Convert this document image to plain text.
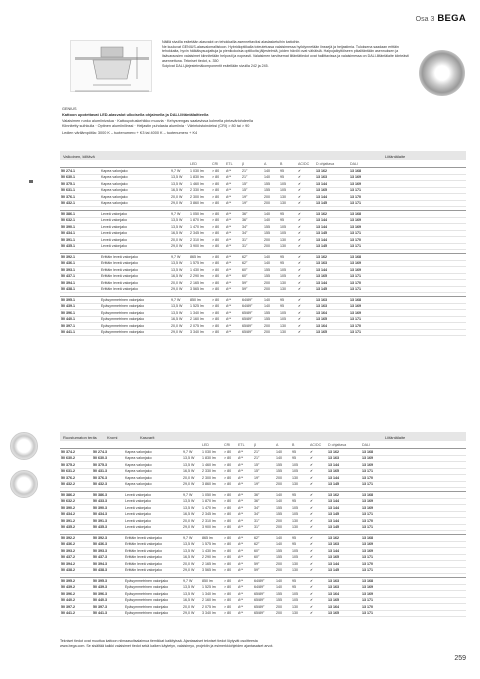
Osa 3 BEGA

Näillä sivuilla esitetään alasvalot on tehokkailla asennettaviksi alaslasketuihin kattoihin.

Ne kuuluvat GENIUS-alasvalomallistoon. Hybridioptiikalla toteutetussa valaisimessa hyödynnetään linssejä ja heijastimia. Tuloksena saadaan erittäin tehokkaita, hyvin häikäisysuojattuja ja pienikokoisia optiikoita jäljestelmiä, joiden häviöt ovat vähäisiä. Halpojaikyttöiseen pikalitäntään asennuksen ja lisävaraosien valaisimet kiinnitetään helposti ja nopeasti. Valaisimen tarvitsemat liitäntätiedot ovat hallittavissa ja valaisimessa on DALI-liitäntälaite kiinteästi asennettuna. Tekniset tiedot, s. 350

Soipivat DALI-järjestelmäkomponentit esitellään sivuilla 242 ja 245.

GENIUS
Kattoon upotettavat LED-alasvalot ulkoisella ohjaimella ja DALI-liitäntälaitteella
Valaisimen runko alumiinivalua · Kattoupotuskehikko muovia · Kehysrengas saatavissa kolmella pintaväriohdeella
Kiinnitetty suihkulla · Optinen alumiinilinssi · Heijastin puhdasta alumiinia · Värintoistoindeksi (CRI) > 80 tai > 90
Ledien värilämpötila: 3000 K – tuotenumero + K3 tai 4000 K – tuotenumero + K4
Valkoinen, kiiltävä	Liitäntälaite
			LED	CRI	ETL	β	A	B	AC/DC	D ohjattava	DALI
50 274.1	Kapea valonjako	9,7 W	1 030 lm	> 80	A**	21°	140	95	✔	13 162	13 168
50 630.1	Kapea valonjako	13,5 W	1 830 lm	> 80	A**	21°	140	95	✔	13 163	13 169
50 375.1	Kapea valonjako	13,5 W	1 460 lm	> 80	A**	15°	155	105	✔	13 144	13 169
50 631.1	Kapea valonjako	16,5 W	2 330 lm	> 80	A**	15°	155	105	✔	13 165	13 171
50 376.1	Kapea valonjako	20,0 W	2 300 lm	> 80	A**	19°	200	130	✔	13 144	13 170
50 432.1	Kapea valonjako	29,0 W	3 860 lm	> 80	A**	19°	200	130	✔	13 145	13 171

50 386.1	Leveä valonjako	9,7 W	1 050 lm	> 80	A**	36°	140	95	✔	13 162	13 168
50 632.1	Leveä valonjako	13,5 W	1 870 lm	> 80	A**	36°	140	95	✔	13 144	13 169
50 390.1	Leveä valonjako	13,5 W	1 470 lm	> 80	A**	34°	155	105	✔	13 144	13 169
50 434.1	Leveä valonjako	16,5 W	2 345 lm	> 80	A**	34°	155	105	✔	13 145	13 171
50 391.1	Leveä valonjako	20,0 W	2 310 lm	> 80	A**	31°	200	130	✔	13 144	13 170
50 435.1	Leveä valonjako	29,0 W	3 900 lm	> 80	A**	31°	200	130	✔	13 145	13 171

50 392.1	Erittäin leveä valonjako	9,7 W	865 lm	> 80	A**	62°	140	95	✔	13 162	13 168
50 436.1	Erittäin leveä valonjako	13,5 W	1 575 lm	> 80	A**	62°	140	95	✔	13 163	13 169
50 393.1	Erittäin leveä valonjako	13,5 W	1 430 lm	> 80	A**	60°	155	105	✔	13 144	13 169
50 437.1	Erittäin leveä valonjako	16,5 W	2 290 lm	> 80	A**	60°	155	105	✔	13 165	13 171
50 394.1	Erittäin leveä valonjako	20,0 W	2 165 lm	> 80	A**	59°	200	130	✔	13 144	13 170
50 438.1	Erittäin leveä valonjako	29,0 W	3 565 lm	> 80	A**	59°	200	130	✔	13 145	13 171

50 395.1	Epäsymmetrinen valonjako	9,7 W	850 lm	> 80	A**	64/89°	140	95	✔	13 163	13 168
50 439.1	Epäsymmetrinen valonjako	13,5 W	1 525 lm	> 80	A**	64/89°	140	95	✔	13 163	13 169
50 396.1	Epäsymmetrinen valonjako	13,5 W	1 340 lm	> 80	A**	65/89°	155	105	✔	13 164	13 169
50 440.1	Epäsymmetrinen valonjako	16,5 W	2 160 lm	> 80	A**	65/89°	155	105	✔	13 165	13 171
50 397.1	Epäsymmetrinen valonjako	20,0 W	2 075 lm	> 80	A**	65/89°	200	130	✔	13 164	13 170
50 441.1	Epäsymmetrinen valonjako	29,0 W	3 340 lm	> 80	A**	65/89°	200	130	✔	13 165	13 171
Ruostumaton teräs	Kromi	Kasvarit	Liitäntälaite
				LED	CRI	ETL	β	A	B	AC/DC	D ohjattava	DALI
50 374.2	50 274.3	Kapea valonjako	9,7 W	1 030 lm	> 80	A**	21°	140	95	✔	13 162	13 168
50 630.2	50 630.3	Kapea valonjako	13,5 W	1 830 lm	> 80	A**	21°	140	95	✔	13 163	13 169
50 375.2	50 375.3	Kapea valonjako	13,5 W	1 460 lm	> 80	A**	15°	155	105	✔	13 144	13 169
50 631.2	50 431.3	Kapea valonjako	16,5 W	2 330 lm	> 80	A**	15°	155	105	✔	13 165	13 171
50 376.2	50 376.3	Kapea valonjako	20,0 W	2 300 lm	> 80	A**	19°	200	130	✔	13 144	13 170
50 432.2	50 432.3	Kapea valonjako	29,0 W	3 860 lm	> 80	A**	19°	200	130	✔	13 145	13 171

50 386.2	50 386.3	Leveä valonjako	9,7 W	1 050 lm	> 80	A**	36°	140	95	✔	13 162	13 168
50 632.2	50 433.3	Leveä valonjako	13,5 W	1 870 lm	> 80	A**	36°	140	95	✔	13 144	13 169
50 390.2	50 390.3	Leveä valonjako	13,5 W	1 470 lm	> 80	A**	34°	155	105	✔	13 144	13 169
50 434.2	50 434.3	Leveä valonjako	16,5 W	2 345 lm	> 80	A**	34°	155	105	✔	13 145	13 171
50 391.2	50 391.3	Leveä valonjako	20,0 W	2 310 lm	> 80	A**	31°	200	130	✔	13 144	13 170
50 435.2	50 435.3	Leveä valonjako	29,0 W	3 900 lm	> 80	A**	31°	200	130	✔	13 145	13 171

50 392.2	50 392.3	Erittäin leveä valonjako	9,7 W	865 lm	> 80	A**	62°	140	95	✔	13 162	13 168
50 436.2	50 436.3	Erittäin leveä valonjako	13,5 W	1 575 lm	> 80	A**	62°	140	95	✔	13 163	13 169
50 393.2	50 393.3	Erittäin leveä valonjako	13,5 W	1 430 lm	> 80	A**	60°	155	105	✔	13 144	13 169
50 437.2	50 437.3	Erittäin leveä valonjako	16,5 W	2 290 lm	> 80	A**	60°	155	105	✔	13 165	13 171
50 394.2	50 394.3	Erittäin leveä valonjako	20,0 W	2 165 lm	> 80	A**	59°	200	130	✔	13 144	13 170
50 438.2	50 438.3	Erittäin leveä valonjako	29,0 W	3 565 lm	> 80	A**	59°	200	130	✔	13 145	13 171

50 395.2	50 395.3	Epäsymmetrinen valonjako	9,7 W	850 lm	> 80	A**	64/89°	140	95	✔	13 163	13 168
50 439.2	50 439.3	Epäsymmetrinen valonjako	13,5 W	1 525 lm	> 80	A**	64/89°	140	95	✔	13 163	13 169
50 396.2	50 396.3	Epäsymmetrinen valonjako	13,5 W	1 340 lm	> 80	A**	65/89°	155	105	✔	13 164	13 169
50 440.2	50 440.3	Epäsymmetrinen valonjako	16,5 W	2 160 lm	> 80	A**	65/89°	155	105	✔	13 165	13 171
50 397.2	50 397.3	Epäsymmetrinen valonjako	20,0 W	2 075 lm	> 80	A**	65/89°	200	130	✔	13 164	13 170
50 441.2	50 441.3	Epäsymmetrinen valonjako	29,0 W	3 340 lm	> 80	A**	65/89°	200	130	✔	13 165	13 171
Tekniset tiedot ovat muuttua kattoon niimaasoitsalaimua tiemikkat kaikityissä. Ajantasaiset tekniset tiedot löytyvät osoitteesta www.bega.com. Se sisältää kaikki valaisimet tiedot sekä kaiken käytetyn, valaisinryo, projektin ja esimerkkiohjeiden ajantasaiset arvot.
259
